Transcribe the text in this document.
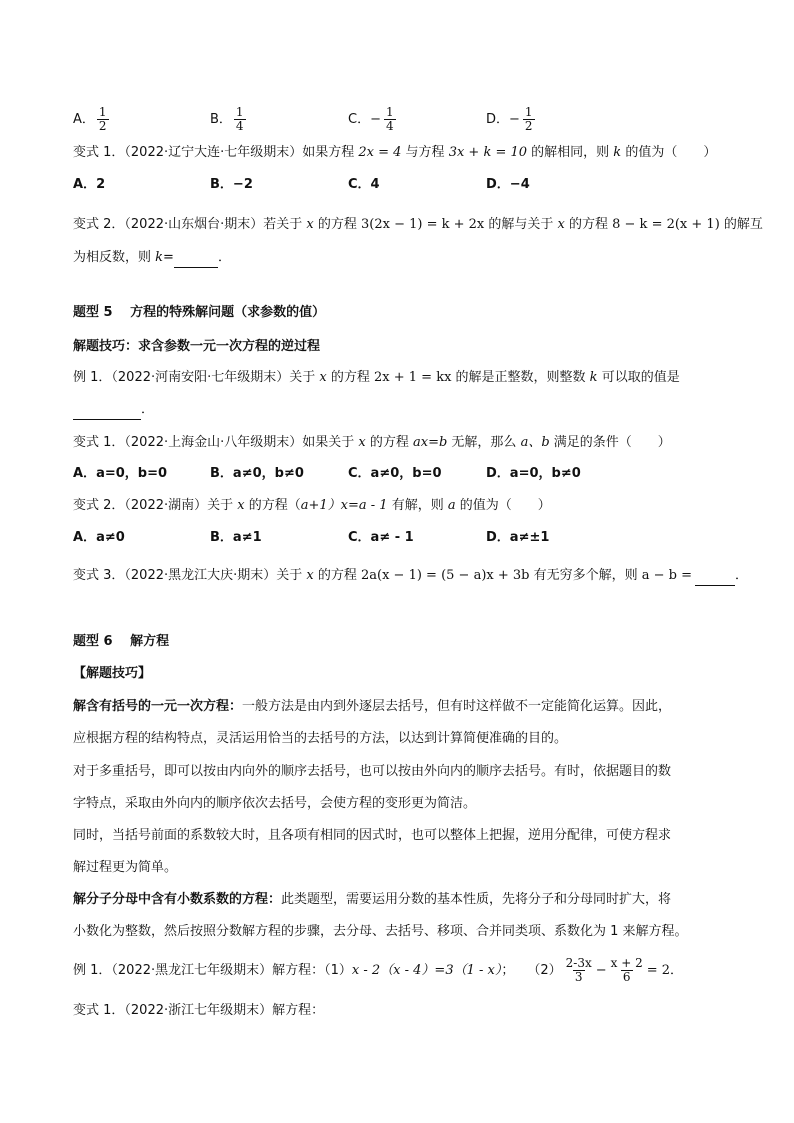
A． $\frac{1}{2}$	B． $\frac{1}{4}$	C．− $\frac{1}{4}$	D．− $\frac{1}{2}$
变式 1．（2022·辽宁大连·七年级期末）如果方程 2x = 4 与方程 3x + k = 10 的解相同，则 k 的值为（　　）
A．2	B．−2	C．4	D．−4
变式 2．（2022·山东烟台·期末）若关于 x 的方程 3(2x − 1) = k + 2x 的解与关于 x 的方程 8 − k = 2(x + 1) 的解互
为相反数，则 k=	．
题型 5　 方程的特殊解问题（求参数的值）
解题技巧：求含参数一元一次方程的逆过程
例 1．（2022·河南安阳·七年级期末）关于 x 的方程 2x + 1 = kx 的解是正整数，则整数 k 可以取的值是
．
变式 1．（2022·上海金山·八年级期末）如果关于 x 的方程 ax=b 无解，那么 a、b 满足的条件（　　）
A．a=0，b=0	B．a≠0，b≠0	C．a≠0，b=0	D．a=0，b≠0
变式 2．（2022·湖南）关于 x 的方程（a+1）x=a - 1 有解，则 a 的值为（　　）
A．a≠0	B．a≠1	C．a≠ - 1	D．a≠±1
变式 3．（2022·黑龙江大庆·期末）关于 x 的方程 2a(x − 1) = (5 − a)x + 3b 有无穷多个解，则 a − b =	．
题型 6　 解方程
【解题技巧】
解含有括号的一元一次方程：一般方法是由内到外逐层去括号，但有时这样做不一定能简化运算。因此，
应根据方程的结构特点，灵活运用恰当的去括号的方法，以达到计算简便准确的目的。
对于多重括号，即可以按由内向外的顺序去括号，也可以按由外向内的顺序去括号。有时，依据题目的数
字特点，采取由外向内的顺序依次去括号，会使方程的变形更为简洁。
同时，当括号前面的系数较大时，且各项有相同的因式时，也可以整体上把握，逆用分配律，可使方程求
解过程更为简单。
解分子分母中含有小数系数的方程：此类题型，需要运用分数的基本性质，先将分子和分母同时扩大，将
小数化为整数，然后按照分数解方程的步骤，去分母、去括号、移项、合并同类项、系数化为 1 来解方程。
例 1．（2022·黑龙江七年级期末）解方程：（1）x - 2（x - 4）=3（1 - x）；　　$(2) \frac{2-3x}{3} - \frac{x + 2}{6} = 2$．
变式 1．（2022·浙江七年级期末）解方程：
